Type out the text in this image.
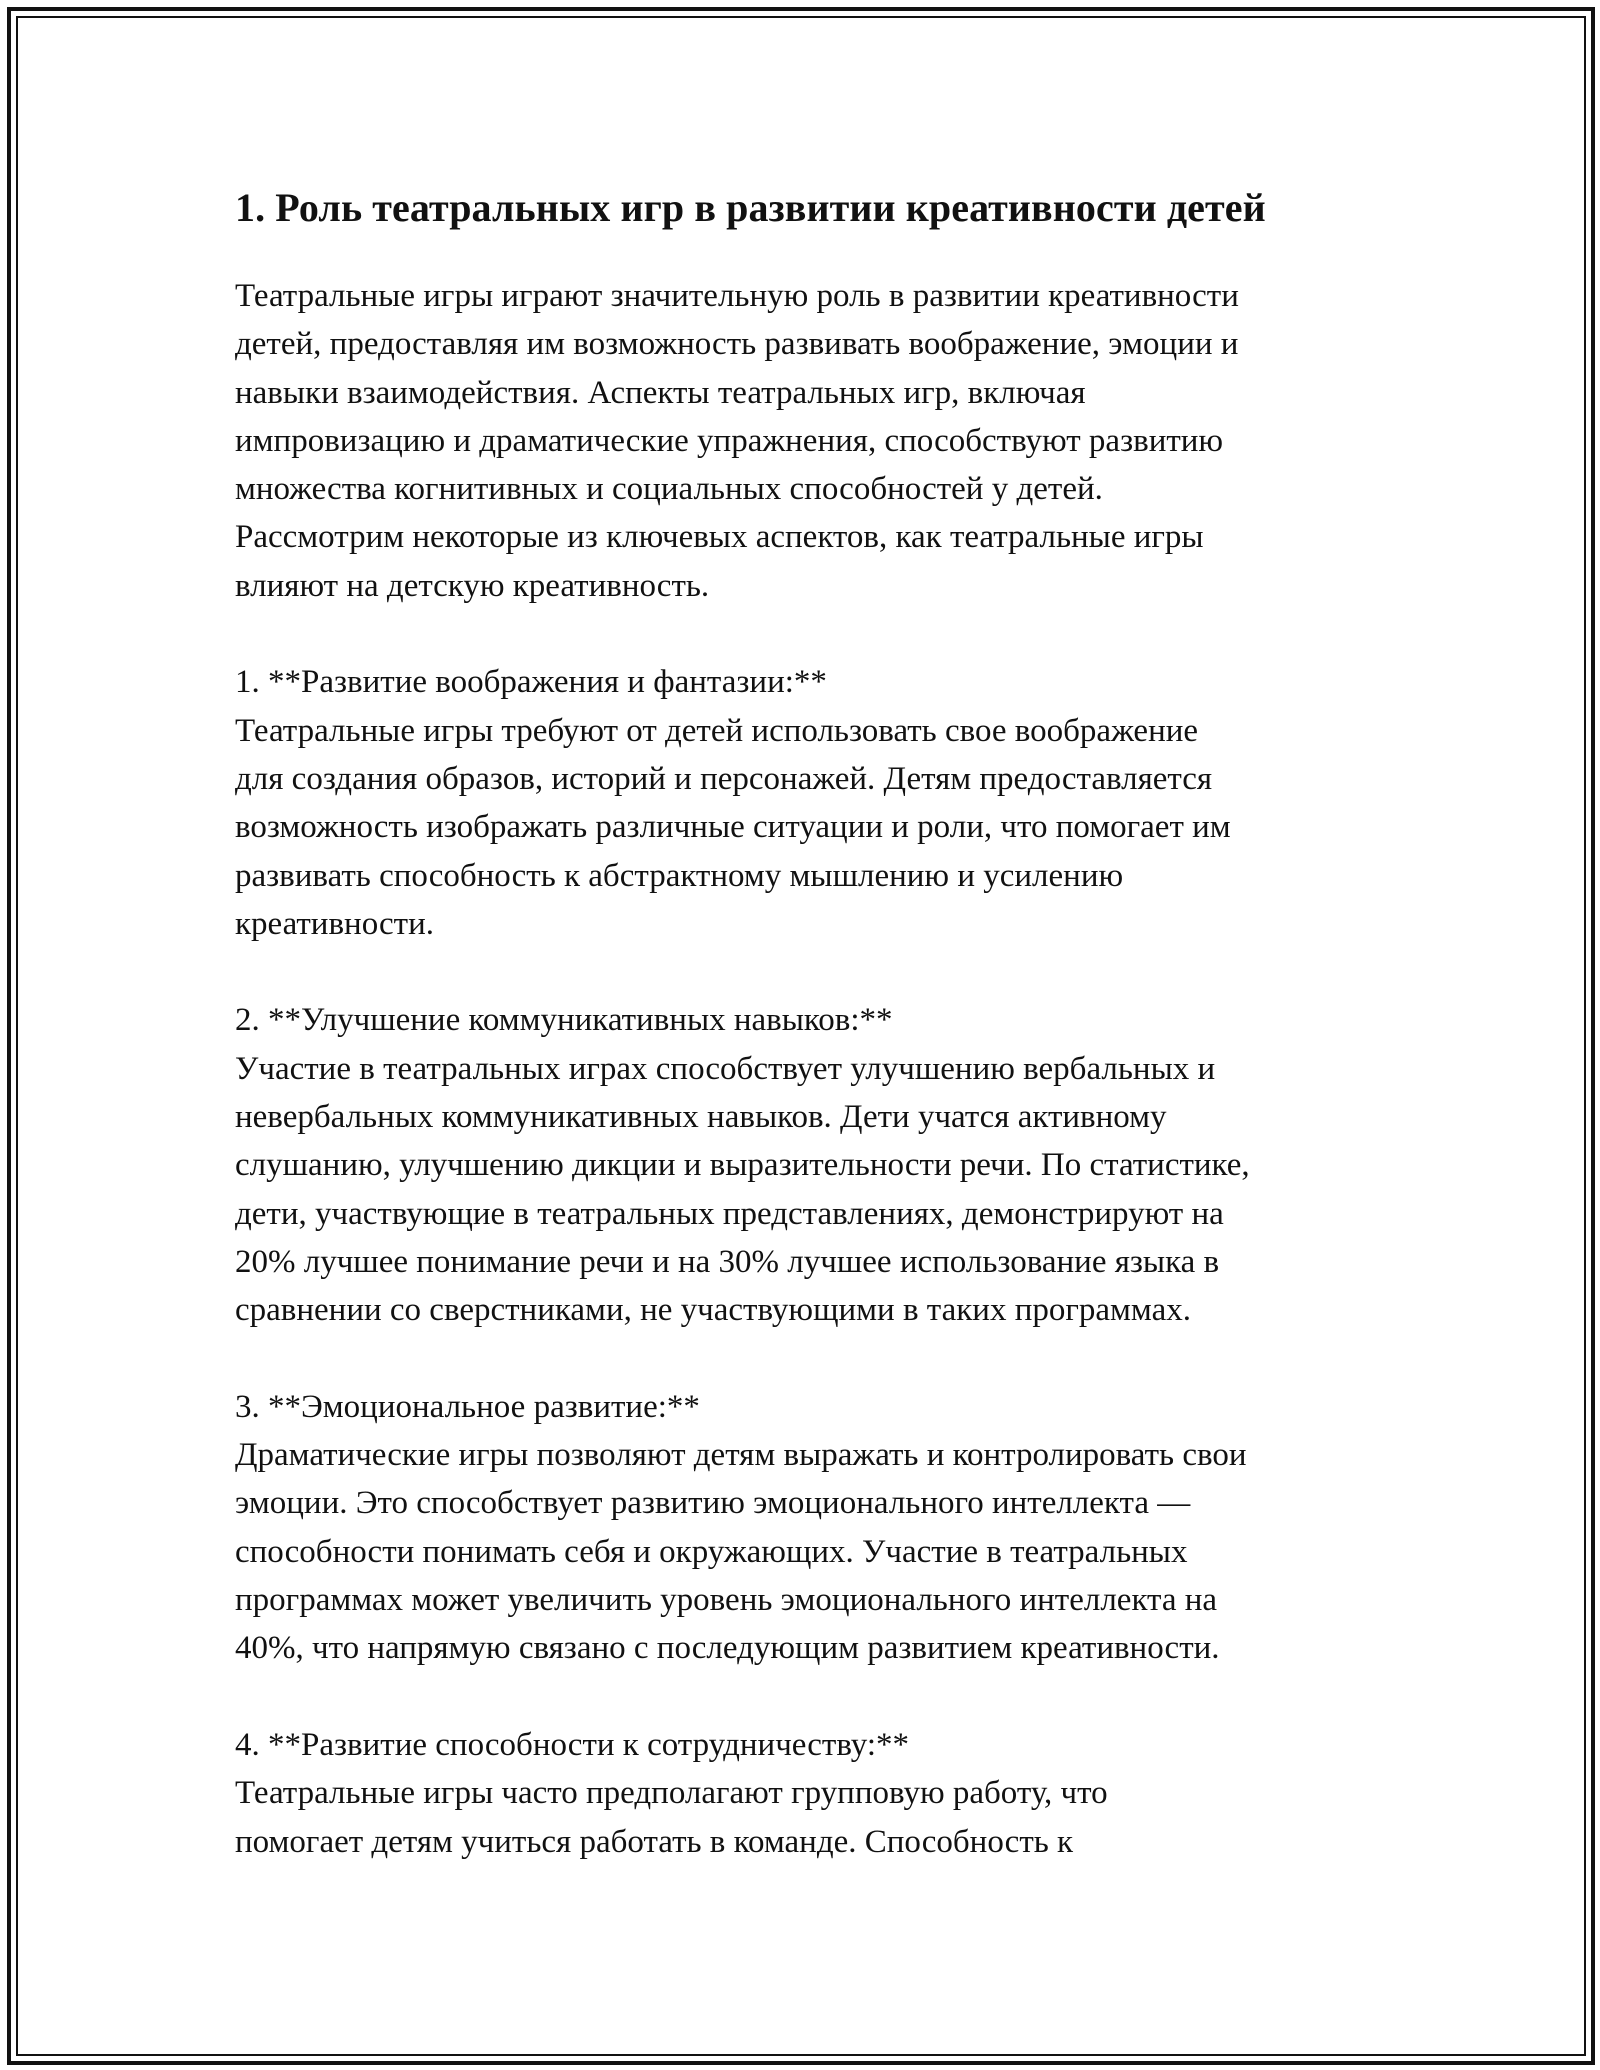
1. Роль театральных игр в развитии креативности детей

Театральные игры играют значительную роль в развитии креативности
детей, предоставляя им возможность развивать воображение, эмоции и
навыки взаимодействия. Аспекты театральных игр, включая
импровизацию и драматические упражнения, способствуют развитию
множества когнитивных и социальных способностей у детей.
Рассмотрим некоторые из ключевых аспектов, как театральные игры
влияют на детскую креативность.

1. **Развитие воображения и фантазии:**

Театральные игры требуют от детей использовать свое воображение
для создания образов, историй и персонажей. Детям предоставляется
возможность изображать различные ситуации и роли, что помогает им
развивать способность к абстрактному мышлению и усилению
креативности.

2. **Улучшение коммуникативных навыков:**

Участие в театральных играх способствует улучшению вербальных и
невербальных коммуникативных навыков. Дети учатся активному
слушанию, улучшению дикции и выразительности речи. По статистике,
дети, участвующие в театральных представлениях, демонстрируют на
20% лучшее понимание речи и на 30% лучшее использование языка в
сравнении со сверстниками, не участвующими в таких программах.

3. **Эмоциональное развитие:**

Драматические игры позволяют детям выражать и контролировать свои
эмоции. Это способствует развитию эмоционального интеллекта —
способности понимать себя и окружающих. Участие в театральных
программах может увеличить уровень эмоционального интеллекта на
40%, что напрямую связано с последующим развитием креативности.

4. **Развитие способности к сотрудничеству:**

Театральные игры часто предполагают групповую работу, что
помогает детям учиться работать в команде. Способность к
